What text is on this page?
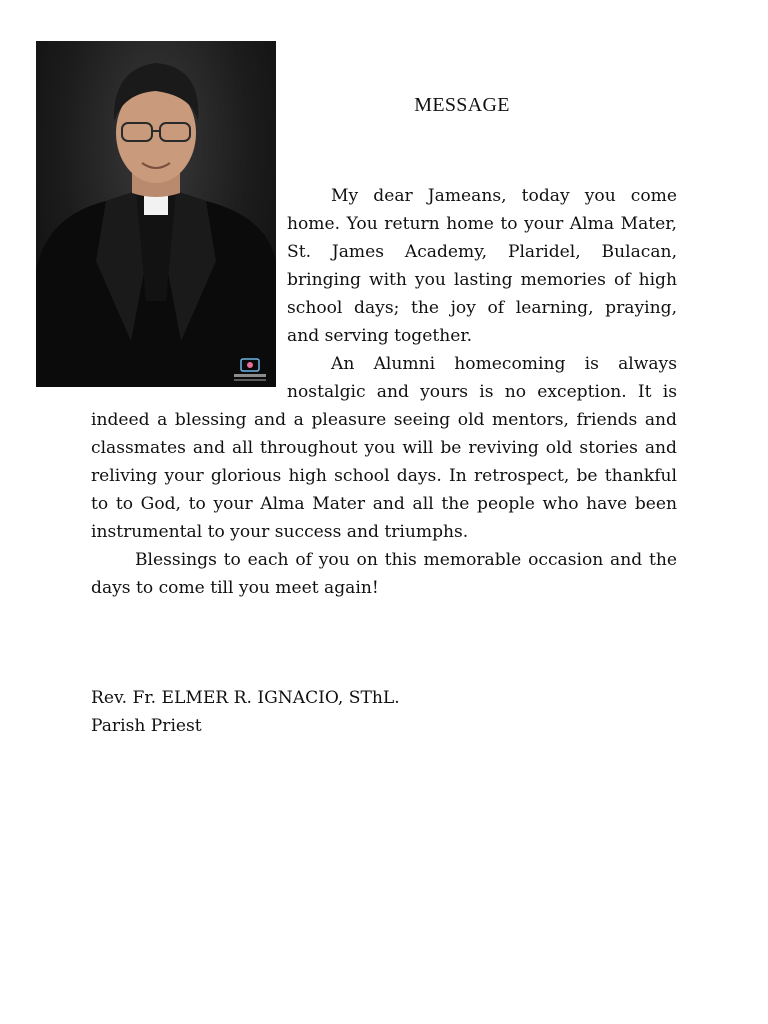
MESSAGE

My dear Jameans, today you come home. You return home to your Alma Mater, St. James Academy, Plaridel, Bulacan, bringing with you lasting memories of high school days; the joy of learning, praying, and serving together.

An Alumni homecoming is always nostalgic and yours is no exception. It is indeed a blessing and a pleasure seeing old mentors, friends and classmates and all throughout you will be reviving old stories and reliving your glorious high school days. In retrospect, be thankful to to God, to your Alma Mater and all the people who have been instrumental to your success and triumphs.

Blessings to each of you on this memorable occasion and the days to come till you meet again!

Rev. Fr. ELMER R. IGNACIO, SThL.
Parish Priest
